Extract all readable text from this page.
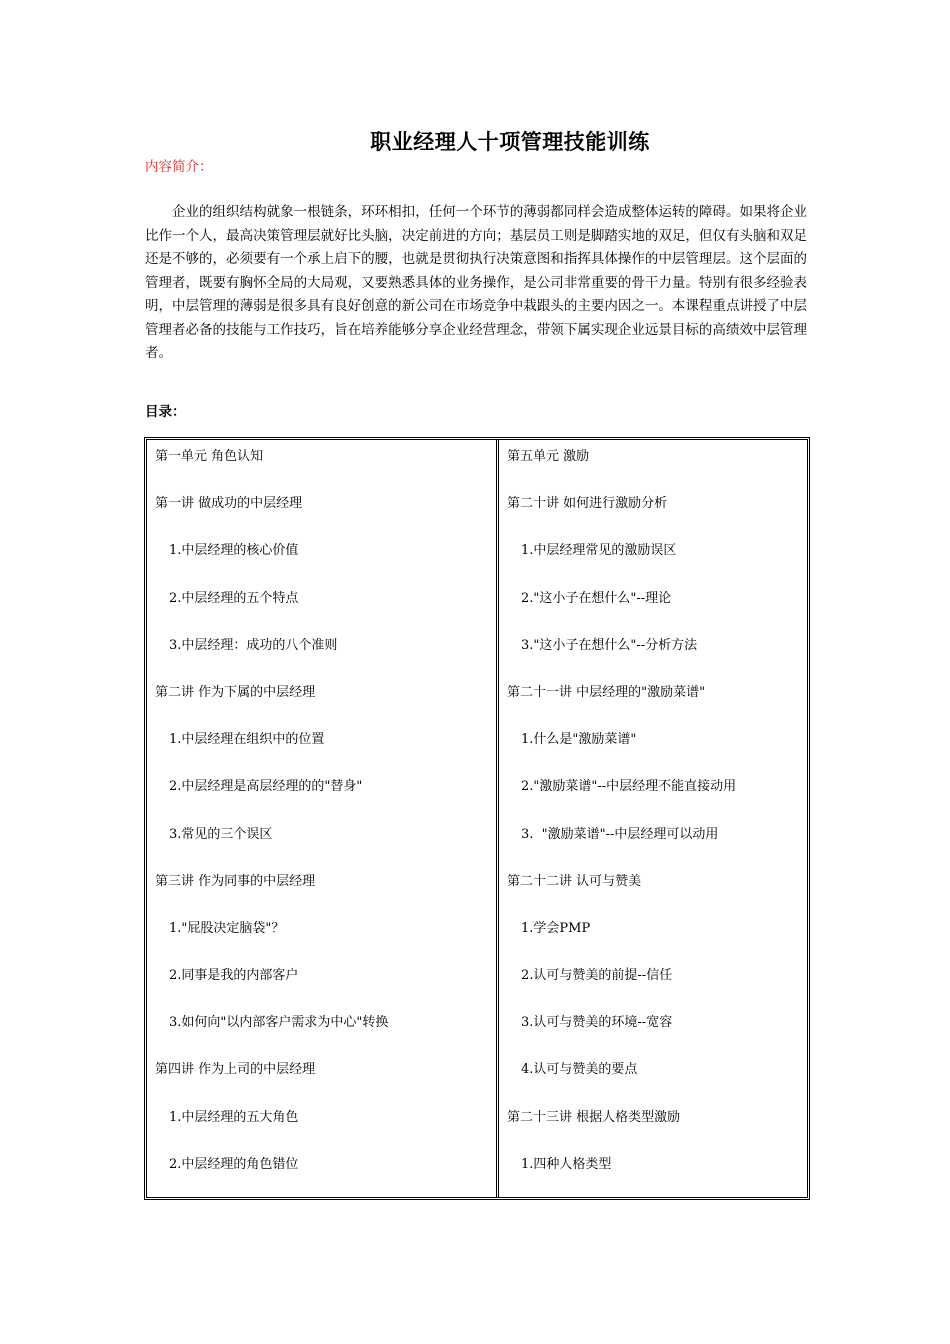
职业经理人十项管理技能训练
内容简介：
企业的组织结构就象一根链条，环环相扣，任何一个环节的薄弱都同样会造成整体运转的障碍。如果将企业比作一个人，最高决策管理层就好比头脑，决定前进的方向；基层员工则是脚踏实地的双足，但仅有头脑和双足还是不够的，必须要有一个承上启下的腰，也就是贯彻执行决策意图和指挥具体操作的中层管理层。这个层面的管理者，既要有胸怀全局的大局观，又要熟悉具体的业务操作，是公司非常重要的骨干力量。特别有很多经验表明，中层管理的薄弱是很多具有良好创意的新公司在市场竞争中栽跟头的主要内因之一。本课程重点讲授了中层管理者必备的技能与工作技巧，旨在培养能够分享企业经营理念，带领下属实现企业远景目标的高绩效中层管理者。
目录：
第一单元 角色认知
第一讲 做成功的中层经理
1.中层经理的核心价值
2.中层经理的五个特点
3.中层经理：成功的八个准则
第二讲 作为下属的中层经理
1.中层经理在组织中的位置
2.中层经理是高层经理的的"替身"
3.常见的三个误区
第三讲 作为同事的中层经理
1."屁股决定脑袋"？
2.同事是我的内部客户
3.如何向"以内部客户需求为中心"转换
第四讲 作为上司的中层经理
1.中层经理的五大角色
2.中层经理的角色错位
第五单元 激励
第二十讲 如何进行激励分析
1.中层经理常见的激励误区
2."这小子在想什么"--理论
3."这小子在想什么"--分析方法
第二十一讲 中层经理的"激励菜谱"
1.什么是"激励菜谱"
2."激励菜谱"--中层经理不能直接动用
3.  "激励菜谱"--中层经理可以动用
第二十二讲 认可与赞美
1.学会PMP
2.认可与赞美的前提--信任
3.认可与赞美的环境--宽容
4.认可与赞美的要点
第二十三讲 根据人格类型激励
1.四种人格类型
